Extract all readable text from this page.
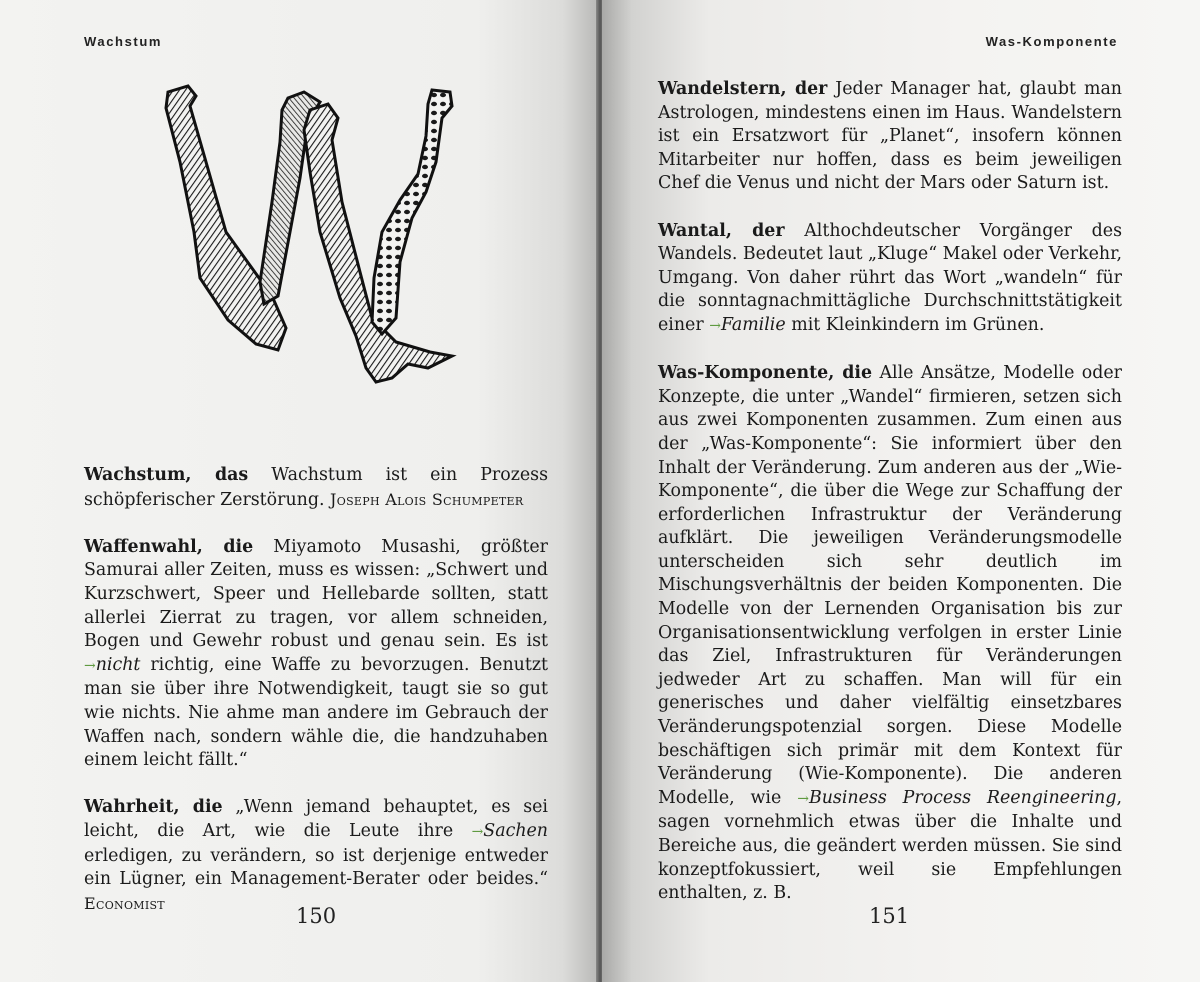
Wachstum

Wachstum, das Wachstum ist ein Prozess schöpferischer Zerstörung. Joseph Alois Schumpeter

Waffenwahl, die Miyamoto Musashi, größter Samurai aller Zeiten, muss es wissen: „Schwert und Kurzschwert, Speer und Hellebarde sollten, statt allerlei Zierrat zu tragen, vor allem schneiden, Bogen und Gewehr robust und genau sein. Es ist →nicht richtig, eine Waffe zu bevorzugen. Benutzt man sie über ihre Notwendigkeit, taugt sie so gut wie nichts. Nie ahme man andere im Gebrauch der Waffen nach, sondern wähle die, die handzuhaben einem leicht fällt.“

Wahrheit, die „Wenn jemand behauptet, es sei leicht, die Art, wie die Leute ihre →Sachen erledigen, zu verändern, so ist derjenige entweder ein Lügner, ein Management-Berater oder beides.“ Economist

150
Was-Komponente

Wandelstern, der Jeder Manager hat, glaubt man Astrologen, mindestens einen im Haus. Wandelstern ist ein Ersatzwort für „Planet“, insofern können Mitarbeiter nur hoffen, dass es beim jeweiligen Chef die Venus und nicht der Mars oder Saturn ist.

Wantal, der Althochdeutscher Vorgänger des Wandels. Bedeutet laut „Kluge“ Makel oder Verkehr, Umgang. Von daher rührt das Wort „wandeln“ für die sonntagnachmittägliche Durchschnittstätigkeit einer →Familie mit Kleinkindern im Grünen.

Was-Komponente, die Alle Ansätze, Modelle oder Konzepte, die unter „Wandel“ firmieren, setzen sich aus zwei Komponenten zusammen. Zum einen aus der „Was-Komponente“: Sie informiert über den Inhalt der Veränderung. Zum anderen aus der „Wie-Komponente“, die über die Wege zur Schaffung der erforderlichen Infrastruktur der Veränderung aufklärt. Die jeweiligen Veränderungsmodelle unterscheiden sich sehr deutlich im Mischungsverhältnis der beiden Komponenten. Die Modelle von der Lernenden Organisation bis zur Organisationsentwicklung verfolgen in erster Linie das Ziel, Infrastrukturen für Veränderungen jedweder Art zu schaffen. Man will für ein generisches und daher vielfältig einsetzbares Veränderungspotenzial sorgen. Diese Modelle beschäftigen sich primär mit dem Kontext für Veränderung (Wie-Komponente). Die anderen Modelle, wie →Business Process Reengineering, sagen vornehmlich etwas über die Inhalte und Bereiche aus, die geändert werden müssen. Sie sind konzeptfokussiert, weil sie Empfehlungen enthalten, z. B.

151
